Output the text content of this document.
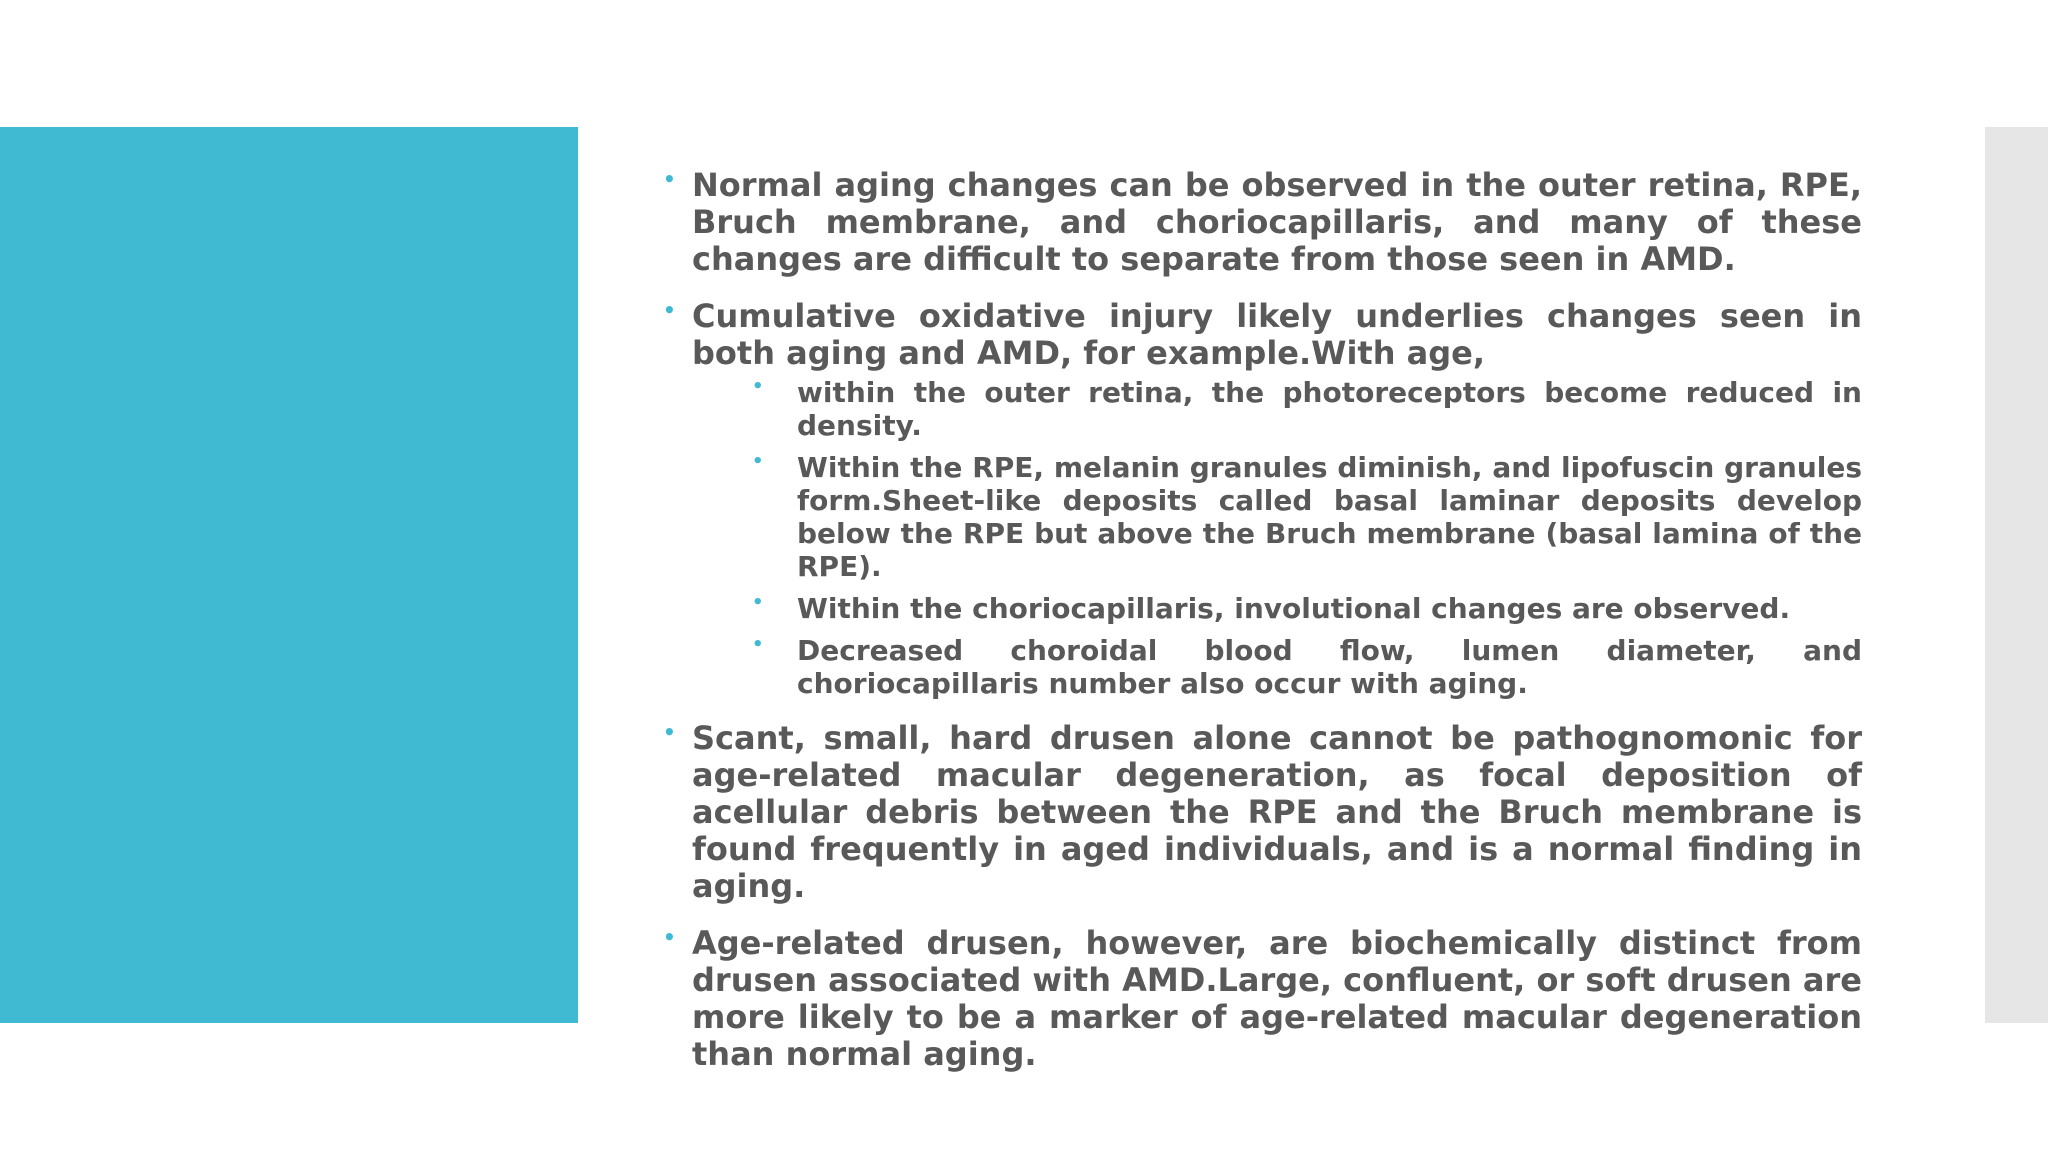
• Normal aging changes can be observed in the outer retina, RPE, Bruch membrane, and choriocapillaris, and many of these changes are difficult to separate from those seen in AMD.
• Cumulative oxidative injury likely underlies changes seen in both aging and AMD, for example.With age,
• within the outer retina, the photoreceptors become reduced in density.
• Within the RPE, melanin granules diminish, and lipofuscin granules form.Sheet-like deposits called basal laminar deposits develop below the RPE but above the Bruch membrane (basal lamina of the RPE).
• Within the choriocapillaris, involutional changes are observed.
• Decreased choroidal blood flow, lumen diameter, and choriocapillaris number also occur with aging.
• Scant, small, hard drusen alone cannot be pathognomonic for age-related macular degeneration, as focal deposition of acellular debris between the RPE and the Bruch membrane is found frequently in aged individuals, and is a normal finding in aging.
• Age-related drusen, however, are biochemically distinct from drusen associated with AMD.Large, confluent, or soft drusen are more likely to be a marker of age-related macular degeneration than normal aging.
